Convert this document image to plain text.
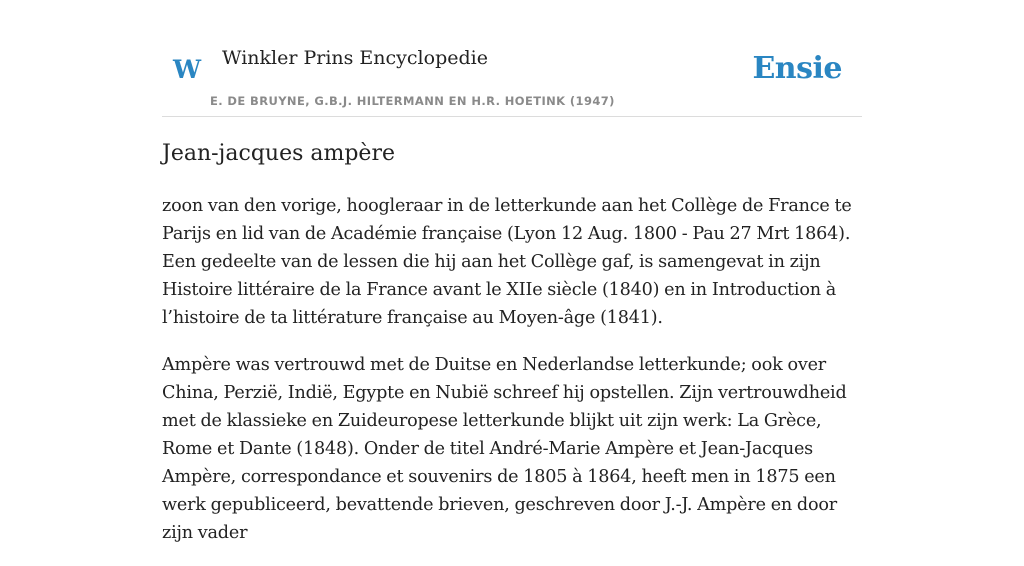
W Winkler Prins Encyclopedie
E. DE BRUYNE, G.B.J. HILTERMANN EN H.R. HOETINK (1947)
Ensie
Jean-jacques ampère

zoon van den vorige, hoogleraar in de letterkunde aan het Collège de France te Parijs en lid van de Académie française (Lyon 12 Aug. 1800 - Pau 27 Mrt 1864). Een gedeelte van de lessen die hij aan het Collège gaf, is samengevat in zijn Histoire littéraire de la France avant le XIIe siècle (1840) en in Introduction à l’histoire de ta littérature française au Moyen-âge (1841).

Ampère was vertrouwd met de Duitse en Nederlandse letterkunde; ook over China, Perzië, Indië, Egypte en Nubië schreef hij opstellen. Zijn vertrouwdheid met de klassieke en Zuideuropese letterkunde blijkt uit zijn werk: La Grèce, Rome et Dante (1848). Onder de titel André-Marie Ampère et Jean-Jacques Ampère, correspondance et souvenirs de 1805 à 1864, heeft men in 1875 een werk gepubliceerd, bevattende brieven, geschreven door J.-J. Ampère en door zijn vader
